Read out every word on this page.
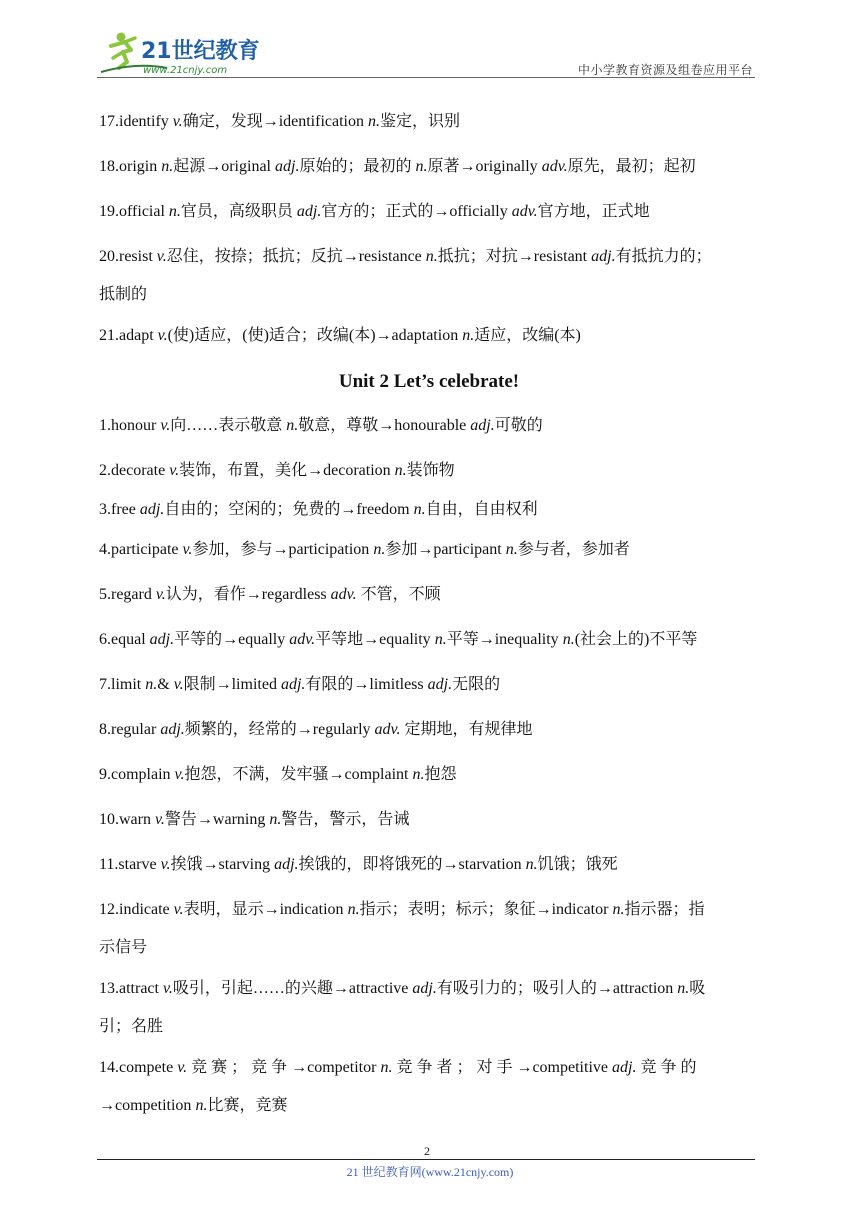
21世纪教育
www.21cnjy.com	中小学教育资源及组卷应用平台
17.identify v.确定，发现→identification n.鉴定，识别
18.origin n.起源→original adj.原始的；最初的 n.原著→originally adv.原先，最初；起初
19.official n.官员，高级职员 adj.官方的；正式的→officially adv.官方地，正式地
20.resist v.忍住，按捺；抵抗；反抗→resistance n.抵抗；对抗→resistant adj.有抵抗力的；
抵制的
21.adapt v.(使)适应，(使)适合；改编(本)→adaptation n.适应，改编(本)
Unit 2 Let’s celebrate!
1.honour v.向……表示敬意 n.敬意，尊敬→honourable adj.可敬的
2.decorate v.装饰，布置，美化→decoration n.装饰物
3.free adj.自由的；空闲的；免费的→freedom n.自由，自由权利
4.participate v.参加，参与→participation n.参加→participant n.参与者，参加者
5.regard v.认为，看作→regardless adv. 不管，不顾
6.equal adj.平等的→equally adv.平等地→equality n.平等→inequality n.(社会上的)不平等
7.limit n.& v.限制→limited adj.有限的→limitless adj.无限的
8.regular adj.频繁的，经常的→regularly adv. 定期地，有规律地
9.complain v.抱怨，不满，发牢骚→complaint n.抱怨
10.warn v.警告→warning n.警告，警示，告诫
11.starve v.挨饿→starving adj.挨饿的，即将饿死的→starvation n.饥饿；饿死
12.indicate v.表明，显示→indication n.指示；表明；标示；象征→indicator n.指示器；指
示信号
13.attract v.吸引，引起……的兴趣→attractive adj.有吸引力的；吸引人的→attraction n.吸
引；名胜
14.compete v. 竞 赛 ； 竞 争 →competitor n. 竞 争 者 ； 对 手 →competitive adj. 竞 争 的
→competition n.比赛，竞赛
2
21 世纪教育网(www.21cnjy.com)
